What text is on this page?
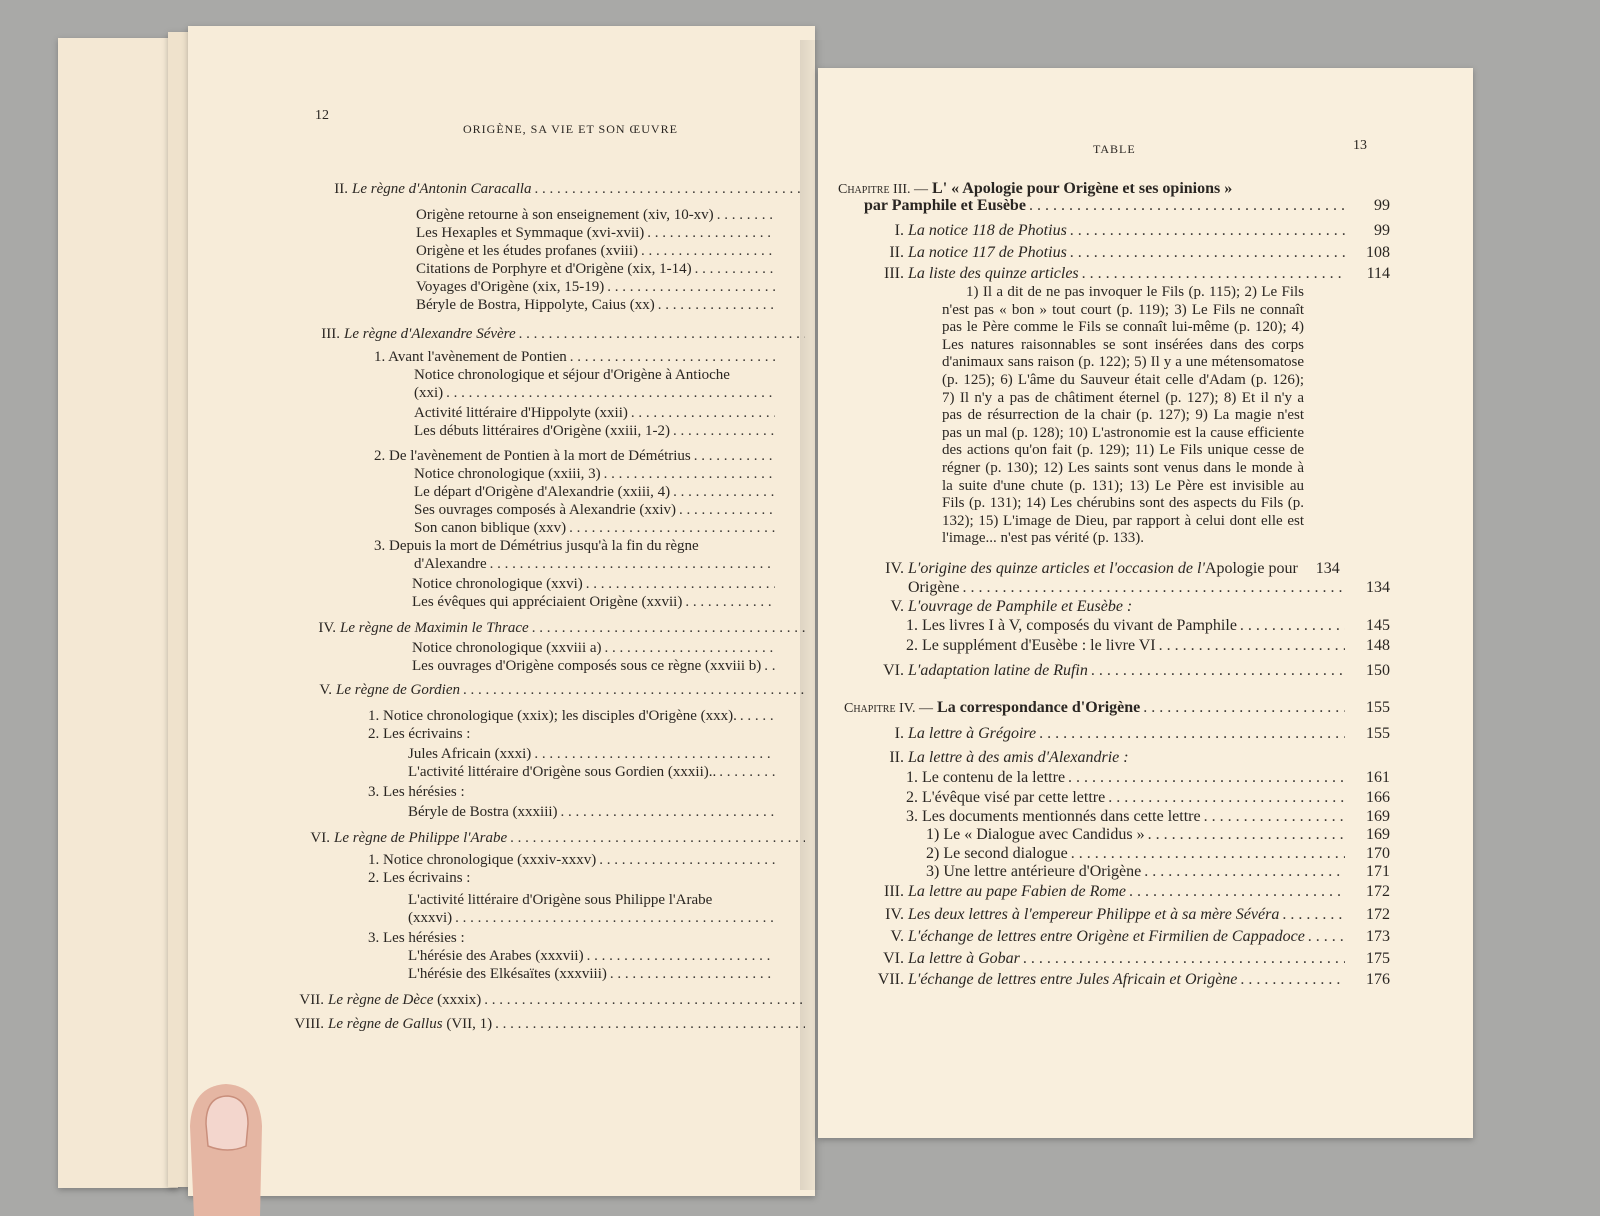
12
ORIGÈNE, SA VIE ET SON ŒUVRE
II. Le règne d'Antonin Caracalla
. . .
Origène retourne à son enseignement (xiv, 10-xv)
. . .
Les Hexaples et Symmaque (xvi-xvii)
. . .
Origène et les études profanes (xviii)
. . .
Citations de Porphyre et d'Origène (xix, 1-14)
. . .
Voyages d'Origène (xix, 15-19)
. . .
Béryle de Bostra, Hippolyte, Caius (xx)
. . .
III. Le règne d'Alexandre Sévère
. . .
1. Avant l'avènement de Pontien
. . .
Notice chronologique et séjour d'Origène à Antioche
(xxi)
. . .
Activité littéraire d'Hippolyte (xxii)
. . .
Les débuts littéraires d'Origène (xxiii, 1-2)
. . .
2. De l'avènement de Pontien à la mort de Démétrius
. . .
Notice chronologique (xxiii, 3)
. . .
Le départ d'Origène d'Alexandrie (xxiii, 4)
. . .
Ses ouvrages composés à Alexandrie (xxiv)
. . .
Son canon biblique (xxv)
. . .
3. Depuis la mort de Démétrius jusqu'à la fin du règne
d'Alexandre
. . .
Notice chronologique (xxvi)
. . .
Les évêques qui appréciaient Origène (xxvii)
. . .
IV. Le règne de Maximin le Thrace
. . .
Notice chronologique (xxviii a)
. . .
Les ouvrages d'Origène composés sous ce règne (xxviii b)
. . .
V. Le règne de Gordien
. . .
1. Notice chronologique (xxix); les disciples d'Origène (xxx).
. . .
2. Les écrivains :
Jules Africain (xxxi)
. . .
L'activité littéraire d'Origène sous Gordien (xxxii)..
. . .
3. Les hérésies :
Béryle de Bostra (xxxiii)
. . .
VI. Le règne de Philippe l'Arabe
. . .
1. Notice chronologique (xxxiv-xxxv)
. . .
2. Les écrivains :
L'activité littéraire d'Origène sous Philippe l'Arabe
(xxxvi)
. . .
3. Les hérésies :
L'hérésie des Arabes (xxxvii)
. . .
L'hérésie des Elkésaïtes (xxxviii)
. . .
VII. Le règne de Dèce (xxxix)
. . .
VIII. Le règne de Gallus (VII, 1)
. . .
TABLE	13
Chapitre III. — L' « Apologie pour Origène et ses opinions »
par Pamphile et Eusèbe . . .	99
I. La notice 118 de Photius . . .	99
II. La notice 117 de Photius . . .	108
III. La liste des quinze articles . . .	114
1) Il a dit de ne pas invoquer le Fils (p. 115); 2) Le Fils n'est pas « bon » tout court (p. 119); 3) Le Fils ne connaît pas le Père comme le Fils se connaît lui-même (p. 120); 4) Les natures raisonnables se sont insérées dans des corps d'animaux sans raison (p. 122); 5) Il y a une métensomatose (p. 125); 6) L'âme du Sauveur était celle d'Adam (p. 126); 7) Il n'y a pas de châtiment éternel (p. 127); 8) Et il n'y a pas de résurrection de la chair (p. 127); 9) La magie n'est pas un mal (p. 128); 10) L'astronomie est la cause efficiente des actions qu'on fait (p. 129); 11) Le Fils unique cesse de régner (p. 130); 12) Les saints sont venus dans le monde à la suite d'une chute (p. 131); 13) Le Père est invisible au Fils (p. 131); 14) Les chérubins sont des aspects du Fils (p. 132); 15) L'image de Dieu, par rapport à celui dont elle est l'image... n'est pas vérité (p. 133).
IV. L'origine des quinze articles et l'occasion de l'Apologie pour	134
Origène . . .	134
V. L'ouvrage de Pamphile et Eusèbe :
1. Les livres I à V, composés du vivant de Pamphile . . .	145
2. Le supplément d'Eusèbe : le livre VI . . .	148
VI. L'adaptation latine de Rufin . . .	150
Chapitre IV. — La correspondance d'Origène . . .	155
I. La lettre à Grégoire . . .	155
II. La lettre à des amis d'Alexandrie :
1. Le contenu de la lettre . . .	161
2. L'évêque visé par cette lettre . . .	166
3. Les documents mentionnés dans cette lettre . . .	169
1) Le « Dialogue avec Candidus » . . .	169
2) Le second dialogue . . .	170
3) Une lettre antérieure d'Origène . . .	171
III. La lettre au pape Fabien de Rome . . .	172
IV. Les deux lettres à l'empereur Philippe et à sa mère Sévéra . . .	172
V. L'échange de lettres entre Origène et Firmilien de Cappadoce . . .	173
VI. La lettre à Gobar . . .	175
VII. L'échange de lettres entre Jules Africain et Origène . . .	176
